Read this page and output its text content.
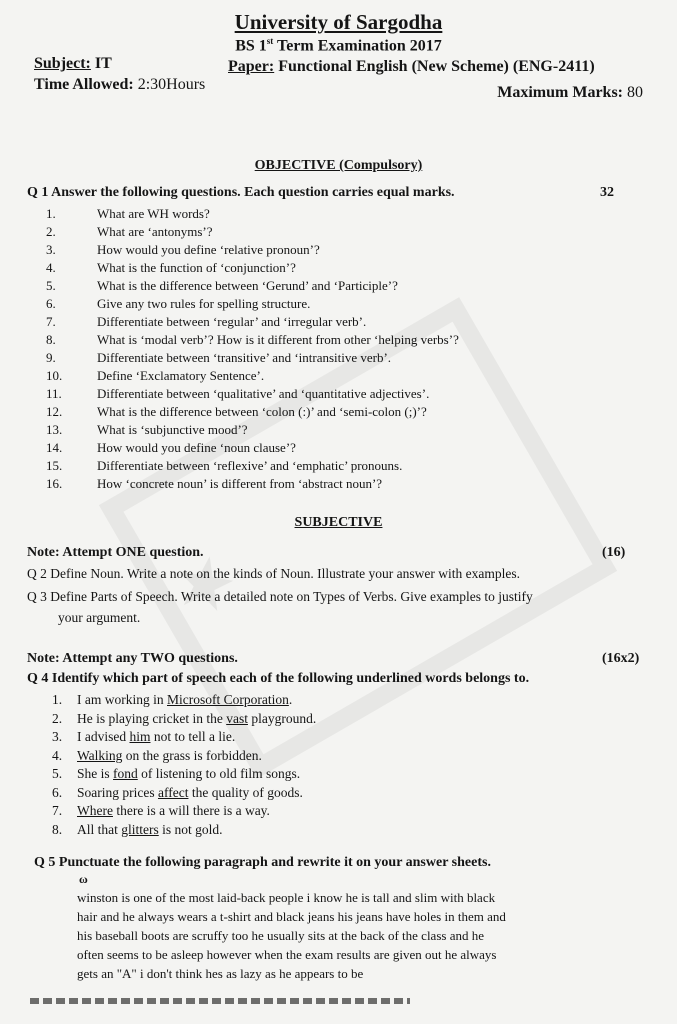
★
University of Sargodha
BS 1st Term Examination 2017
Subject: IT	Paper: Functional English (New Scheme) (ENG-2411)
Time Allowed: 2:30Hours	Maximum Marks: 80
OBJECTIVE (Compulsory)
Q 1 Answer the following questions. Each question carries equal marks.	32
1.	What are WH words?
2.	What are ‘antonyms’?
3.	How would you define ‘relative pronoun’?
4.	What is the function of ‘conjunction’?
5.	What is the difference between ‘Gerund’ and ‘Participle’?
6.	Give any two rules for spelling structure.
7.	Differentiate between ‘regular’ and ‘irregular verb’.
8.	What is ‘modal verb’? How is it different from other ‘helping verbs’?
9.	Differentiate between ‘transitive’ and ‘intransitive verb’.
10.	Define ‘Exclamatory Sentence’.
11.	Differentiate between ‘qualitative’ and ‘quantitative adjectives’.
12.	What is the difference between ‘colon (:)’ and ‘semi-colon (;)’?
13.	What is ‘subjunctive mood’?
14.	How would you define ‘noun clause’?
15.	Differentiate between ‘reflexive’ and ‘emphatic’ pronouns.
16.	How ‘concrete noun’ is different from ‘abstract noun’?
SUBJECTIVE
Note: Attempt ONE question.	(16)
Q 2 Define Noun. Write a note on the kinds of Noun. Illustrate your answer with examples.
Q 3 Define Parts of Speech. Write a detailed note on Types of Verbs. Give examples to justify
your argument.
Note: Attempt any TWO questions.	(16x2)
Q 4 Identify which part of speech each of the following underlined words belongs to.
1. I am working in Microsoft Corporation.
2. He is playing cricket in the vast playground.
3. I advised him not to tell a lie.
4. Walking on the grass is forbidden.
5. She is fond of listening to old film songs.
6. Soaring prices affect the quality of goods.
7. Where there is a will there is a way.
8. All that glitters is not gold.
Q 5 Punctuate the following paragraph and rewrite it on your answer sheets.
ω
winston is one of the most laid-back people i know he is tall and slim with black
hair and he always wears a t-shirt and black jeans his jeans have holes in them and
his baseball boots are scruffy too he usually sits at the back of the class and he
often seems to be asleep however when the exam results are given out he always
gets an "A" i don't think hes as lazy as he appears to be
